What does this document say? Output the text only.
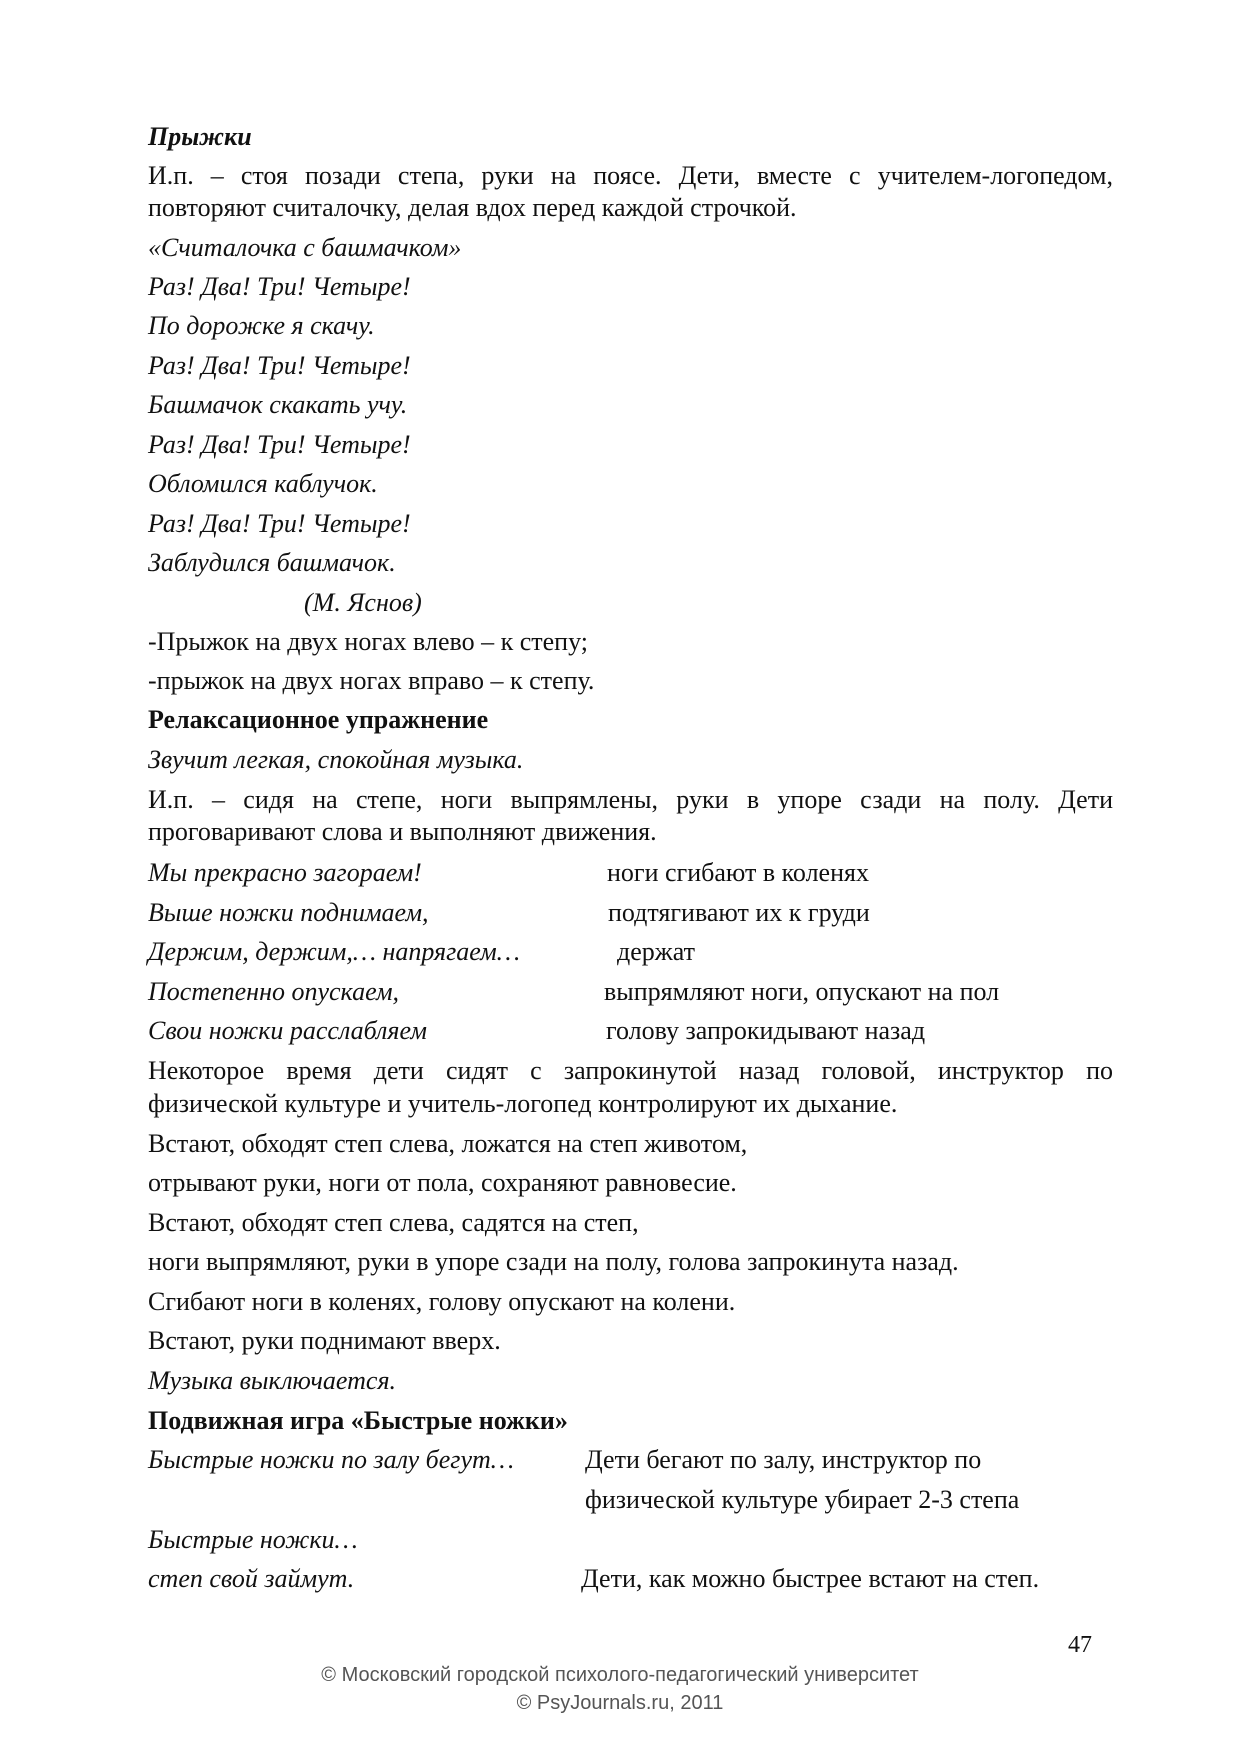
Прыжки
И.п. – стоя позади степа, руки на поясе. Дети, вместе с учителем-логопедом,
повторяют считалочку, делая вдох перед каждой строчкой.
«Считалочка с башмачком»
Раз! Два! Три! Четыре!
По дорожке я скачу.
Раз! Два! Три! Четыре!
Башмачок скакать учу.
Раз! Два! Три! Четыре!
Обломился каблучок.
Раз! Два! Три! Четыре!
Заблудился башмачок.
(М. Яснов)
-Прыжок на двух ногах влево – к степу;
-прыжок на двух ногах вправо – к степу.
Релаксационное упражнение
Звучит легкая, спокойная музыка.
И.п. – сидя на степе, ноги выпрямлены, руки в упоре сзади на полу. Дети
проговаривают слова и выполняют движения.
Мы прекрасно загораем!	ноги сгибают в коленях
Выше ножки поднимаем,	подтягивают их к груди
Держим, держим,… напрягаем…	держат
Постепенно опускаем,	выпрямляют ноги, опускают на пол
Свои ножки расслабляем	голову запрокидывают назад
Некоторое время дети сидят с запрокинутой назад головой, инструктор по
физической культуре и учитель-логопед контролируют их дыхание.
Встают, обходят степ слева, ложатся на степ животом,
отрывают руки, ноги от пола, сохраняют равновесие.
Встают, обходят степ слева, садятся на степ,
ноги выпрямляют, руки в упоре сзади на полу, голова запрокинута назад.
Сгибают ноги в коленях, голову опускают на колени.
Встают, руки поднимают вверх.
Музыка выключается.
Подвижная игра «Быстрые ножки»
Быстрые ножки по залу бегут…	Дети бегают по залу, инструктор по
физической культуре убирает 2-3 степа
Быстрые ножки…
степ свой займут.	Дети, как можно быстрее встают на степ.
47
© Московский городской психолого-педагогический университет
© PsyJournals.ru, 2011
